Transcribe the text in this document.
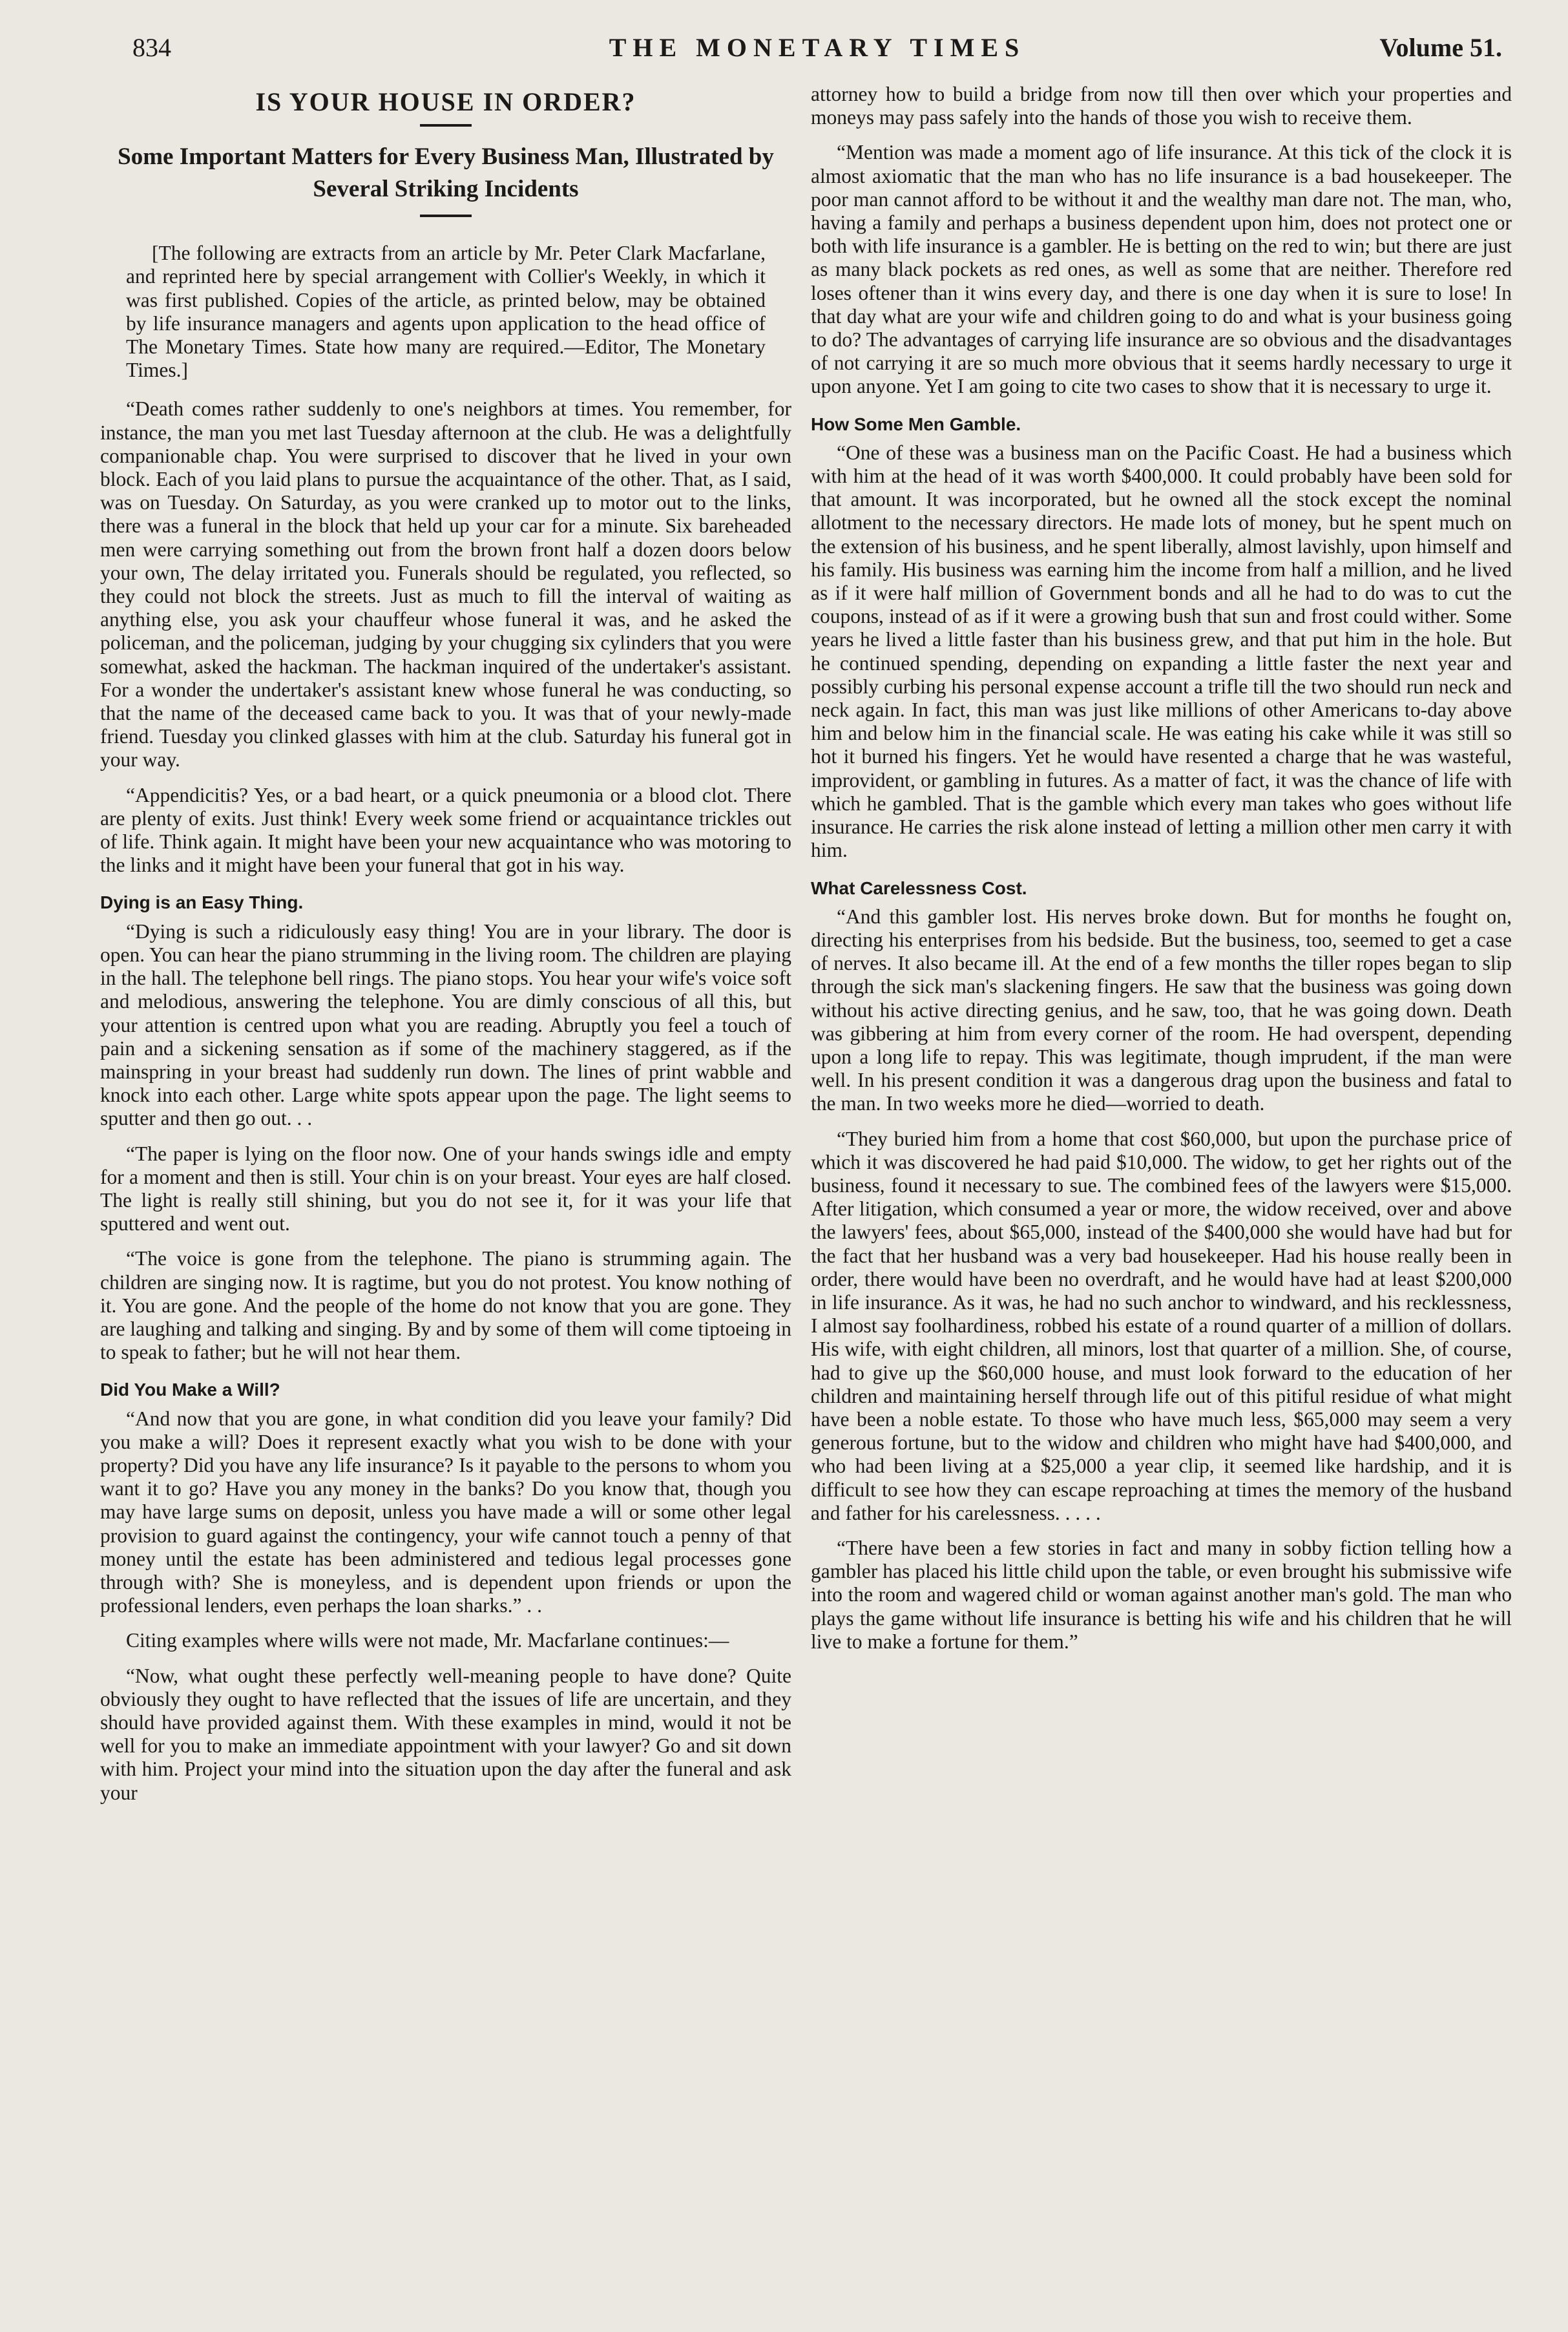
834	THE MONETARY TIMES	Volume 51.
IS YOUR HOUSE IN ORDER?
Some Important Matters for Every Business Man, Illustrated by Several Striking Incidents
[The following are extracts from an article by Mr. Peter Clark Macfarlane, and reprinted here by special arrangement with Collier's Weekly, in which it was first published. Copies of the article, as printed below, may be obtained by life insurance managers and agents upon application to the head office of The Monetary Times. State how many are required.—Editor, The Monetary Times.]

“Death comes rather suddenly to one's neighbors at times. You remember, for instance, the man you met last Tuesday afternoon at the club. He was a delightfully companionable chap. You were surprised to discover that he lived in your own block. Each of you laid plans to pursue the acquaintance of the other. That, as I said, was on Tuesday. On Saturday, as you were cranked up to motor out to the links, there was a funeral in the block that held up your car for a minute. Six bareheaded men were carrying something out from the brown front half a dozen doors below your own, The delay irritated you. Funerals should be regulated, you reflected, so they could not block the streets. Just as much to fill the interval of waiting as anything else, you ask your chauffeur whose funeral it was, and he asked the policeman, and the policeman, judging by your chugging six cylinders that you were somewhat, asked the hackman. The hackman inquired of the undertaker's assistant. For a wonder the undertaker's assistant knew whose funeral he was conducting, so that the name of the deceased came back to you. It was that of your newly-made friend. Tuesday you clinked glasses with him at the club. Saturday his funeral got in your way.

“Appendicitis? Yes, or a bad heart, or a quick pneumonia or a blood clot. There are plenty of exits. Just think! Every week some friend or acquaintance trickles out of life. Think again. It might have been your new acquaintance who was motoring to the links and it might have been your funeral that got in his way.

Dying is an Easy Thing.

“Dying is such a ridiculously easy thing! You are in your library. The door is open. You can hear the piano strumming in the living room. The children are playing in the hall. The telephone bell rings. The piano stops. You hear your wife's voice soft and melodious, answering the telephone. You are dimly conscious of all this, but your attention is centred upon what you are reading. Abruptly you feel a touch of pain and a sickening sensation as if some of the machinery staggered, as if the mainspring in your breast had suddenly run down. The lines of print wabble and knock into each other. Large white spots appear upon the page. The light seems to sputter and then go out. . .

“The paper is lying on the floor now. One of your hands swings idle and empty for a moment and then is still. Your chin is on your breast. Your eyes are half closed. The light is really still shining, but you do not see it, for it was your life that sputtered and went out.

“The voice is gone from the telephone. The piano is strumming again. The children are singing now. It is ragtime, but you do not protest. You know nothing of it. You are gone. And the people of the home do not know that you are gone. They are laughing and talking and singing. By and by some of them will come tiptoeing in to speak to father; but he will not hear them.

Did You Make a Will?

“And now that you are gone, in what condition did you leave your family? Did you make a will? Does it represent exactly what you wish to be done with your property? Did you have any life insurance? Is it payable to the persons to whom you want it to go? Have you any money in the banks? Do you know that, though you may have large sums on deposit, unless you have made a will or some other legal provision to guard against the contingency, your wife cannot touch a penny of that money until the estate has been administered and tedious legal processes gone through with? She is moneyless, and is dependent upon friends or upon the professional lenders, even perhaps the loan sharks.” . .

Citing examples where wills were not made, Mr. Macfarlane continues:—

“Now, what ought these perfectly well-meaning people to have done? Quite obviously they ought to have reflected that the issues of life are uncertain, and they should have provided against them. With these examples in mind, would it not be well for you to make an immediate appointment with your lawyer? Go and sit down with him. Project your mind into the situation upon the day after the funeral and ask your

attorney how to build a bridge from now till then over which your properties and moneys may pass safely into the hands of those you wish to receive them.

“Mention was made a moment ago of life insurance. At this tick of the clock it is almost axiomatic that the man who has no life insurance is a bad housekeeper. The poor man cannot afford to be without it and the wealthy man dare not. The man, who, having a family and perhaps a business dependent upon him, does not protect one or both with life insurance is a gambler. He is betting on the red to win; but there are just as many black pockets as red ones, as well as some that are neither. Therefore red loses oftener than it wins every day, and there is one day when it is sure to lose! In that day what are your wife and children going to do and what is your business going to do? The advantages of carrying life insurance are so obvious and the disadvantages of not carrying it are so much more obvious that it seems hardly necessary to urge it upon anyone. Yet I am going to cite two cases to show that it is necessary to urge it.

How Some Men Gamble.

“One of these was a business man on the Pacific Coast. He had a business which with him at the head of it was worth $400,000. It could probably have been sold for that amount. It was incorporated, but he owned all the stock except the nominal allotment to the necessary directors. He made lots of money, but he spent much on the extension of his business, and he spent liberally, almost lavishly, upon himself and his family. His business was earning him the income from half a million, and he lived as if it were half million of Government bonds and all he had to do was to cut the coupons, instead of as if it were a growing bush that sun and frost could wither. Some years he lived a little faster than his business grew, and that put him in the hole. But he continued spending, depending on expanding a little faster the next year and possibly curbing his personal expense account a trifle till the two should run neck and neck again. In fact, this man was just like millions of other Americans to-day above him and below him in the financial scale. He was eating his cake while it was still so hot it burned his fingers. Yet he would have resented a charge that he was wasteful, improvident, or gambling in futures. As a matter of fact, it was the chance of life with which he gambled. That is the gamble which every man takes who goes without life insurance. He carries the risk alone instead of letting a million other men carry it with him.

What Carelessness Cost.

“And this gambler lost. His nerves broke down. But for months he fought on, directing his enterprises from his bedside. But the business, too, seemed to get a case of nerves. It also became ill. At the end of a few months the tiller ropes began to slip through the sick man's slackening fingers. He saw that the business was going down without his active directing genius, and he saw, too, that he was going down. Death was gibbering at him from every corner of the room. He had overspent, depending upon a long life to repay. This was legitimate, though imprudent, if the man were well. In his present condition it was a dangerous drag upon the business and fatal to the man. In two weeks more he died—worried to death.

“They buried him from a home that cost $60,000, but upon the purchase price of which it was discovered he had paid $10,000. The widow, to get her rights out of the business, found it necessary to sue. The combined fees of the lawyers were $15,000. After litigation, which consumed a year or more, the widow received, over and above the lawyers' fees, about $65,000, instead of the $400,000 she would have had but for the fact that her husband was a very bad housekeeper. Had his house really been in order, there would have been no overdraft, and he would have had at least $200,000 in life insurance. As it was, he had no such anchor to windward, and his recklessness, I almost say foolhardiness, robbed his estate of a round quarter of a million of dollars. His wife, with eight children, all minors, lost that quarter of a million. She, of course, had to give up the $60,000 house, and must look forward to the education of her children and maintaining herself through life out of this pitiful residue of what might have been a noble estate. To those who have much less, $65,000 may seem a very generous fortune, but to the widow and children who might have had $400,000, and who had been living at a $25,000 a year clip, it seemed like hardship, and it is difficult to see how they can escape reproaching at times the memory of the husband and father for his carelessness. . . . .

“There have been a few stories in fact and many in sobby fiction telling how a gambler has placed his little child upon the table, or even brought his submissive wife into the room and wagered child or woman against another man's gold. The man who plays the game without life insurance is betting his wife and his children that he will live to make a fortune for them.”
